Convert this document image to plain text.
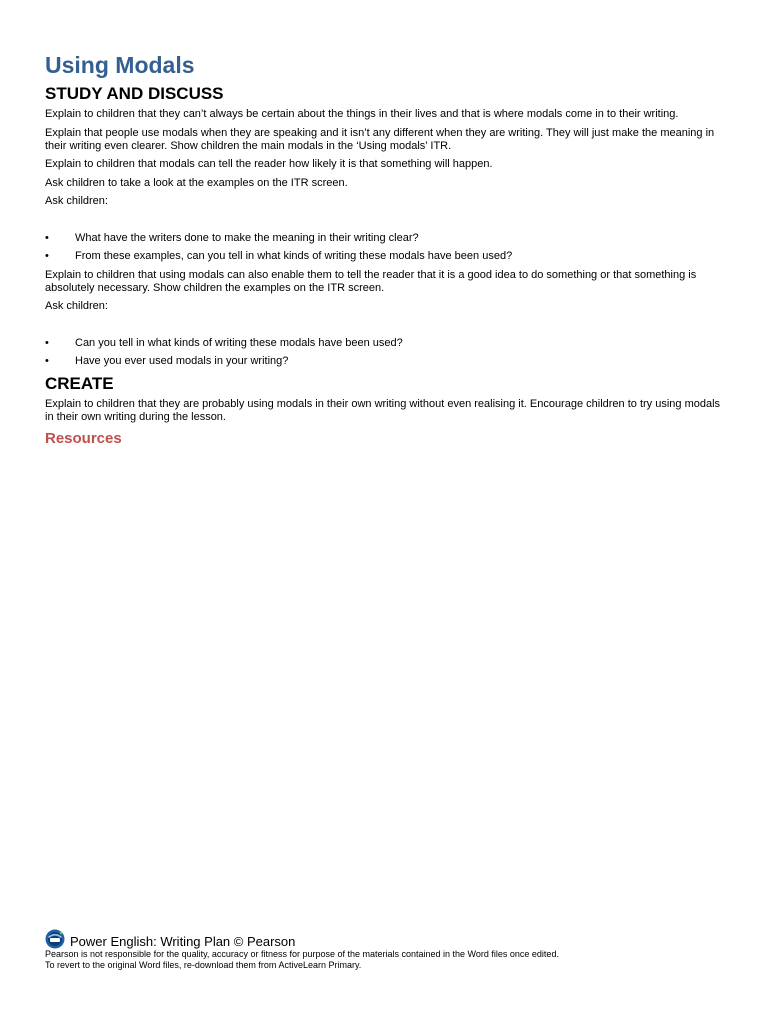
Using Modals
STUDY AND DISCUSS

Explain to children that they can’t always be certain about the things in their lives and that is where modals come in to their writing.

Explain that people use modals when they are speaking and it isn’t any different when they are writing. They will just make the meaning in their writing even clearer. Show children the main modals in the ‘Using modals’ ITR.

Explain to children that modals can tell the reader how likely it is that something will happen.

Ask children to take a look at the examples on the ITR screen.

Ask children:

• What have the writers done to make the meaning in their writing clear?
• From these examples, can you tell in what kinds of writing these modals have been used?

Explain to children that using modals can also enable them to tell the reader that it is a good idea to do something or that something is absolutely necessary. Show children the examples on the ITR screen.

Ask children:

• Can you tell in what kinds of writing these modals have been used?
• Have you ever used modals in your writing?
CREATE

Explain to children that they are probably using modals in their own writing without even realising it. Encourage children to try using modals in their own writing during the lesson.

Resources
Power English: Writing Plan © Pearson

Pearson is not responsible for the quality, accuracy or fitness for purpose of the materials contained in the Word files once edited.

To revert to the original Word files, re-download them from ActiveLearn Primary.
